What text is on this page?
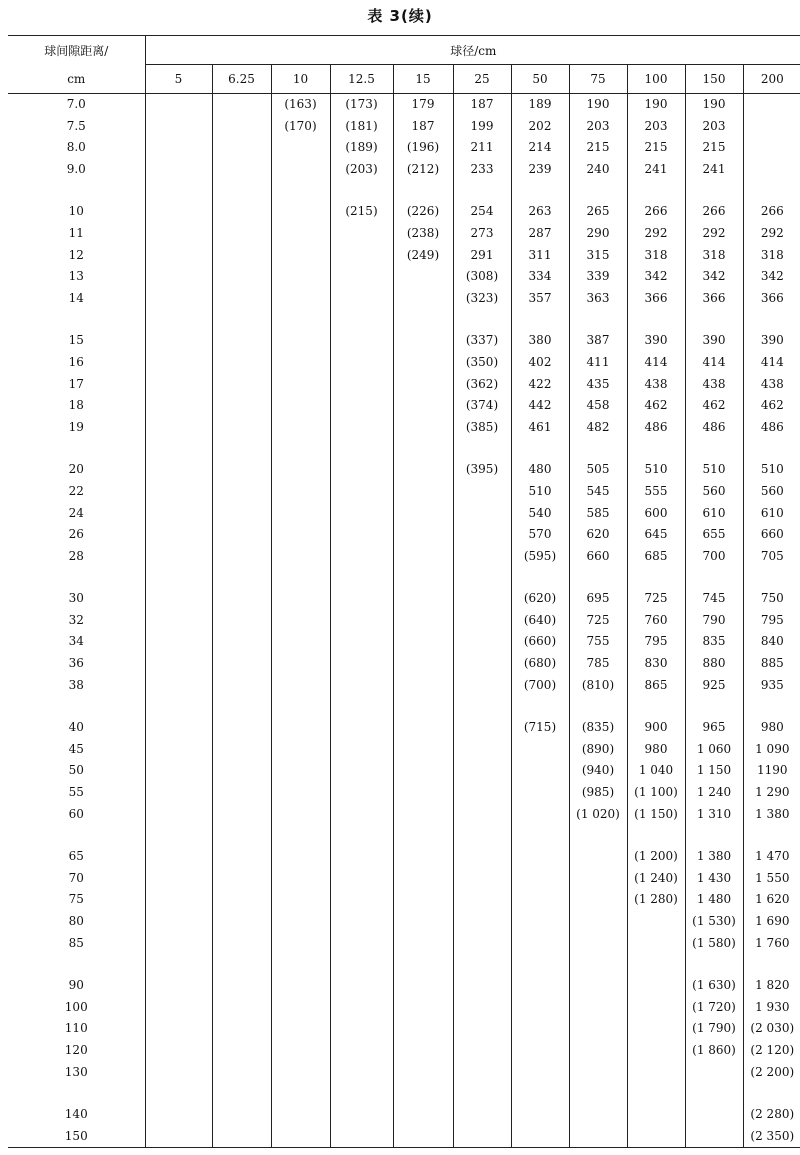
表 3(续)
球间隙距离/
cm	球径/cm										
	5	6.25	10	12.5	15	25	50	75	100	150	200
7.0			(163)	(173)	179	187	189	190	190	190	
7.5			(170)	(181)	187	199	202	203	203	203	
8.0				(189)	(196)	211	214	215	215	215	
9.0				(203)	(212)	233	239	240	241	241	

10				(215)	(226)	254	263	265	266	266	266
11					(238)	273	287	290	292	292	292
12					(249)	291	311	315	318	318	318
13						(308)	334	339	342	342	342
14						(323)	357	363	366	366	366

15						(337)	380	387	390	390	390
16						(350)	402	411	414	414	414
17						(362)	422	435	438	438	438
18						(374)	442	458	462	462	462
19						(385)	461	482	486	486	486

20						(395)	480	505	510	510	510
22							510	545	555	560	560
24							540	585	600	610	610
26							570	620	645	655	660
28							(595)	660	685	700	705

30							(620)	695	725	745	750
32							(640)	725	760	790	795
34							(660)	755	795	835	840
36							(680)	785	830	880	885
38							(700)	(810)	865	925	935

40							(715)	(835)	900	965	980
45								(890)	980	1 060	1 090
50								(940)	1 040	1 150	1190
55								(985)	(1 100)	1 240	1 290
60								(1 020)	(1 150)	1 310	1 380

65									(1 200)	1 380	1 470
70									(1 240)	1 430	1 550
75									(1 280)	1 480	1 620
80										(1 530)	1 690
85										(1 580)	1 760

90										(1 630)	1 820
100										(1 720)	1 930
110										(1 790)	(2 030)
120										(1 860)	(2 120)
130											(2 200)

140											(2 280)
150											(2 350)
